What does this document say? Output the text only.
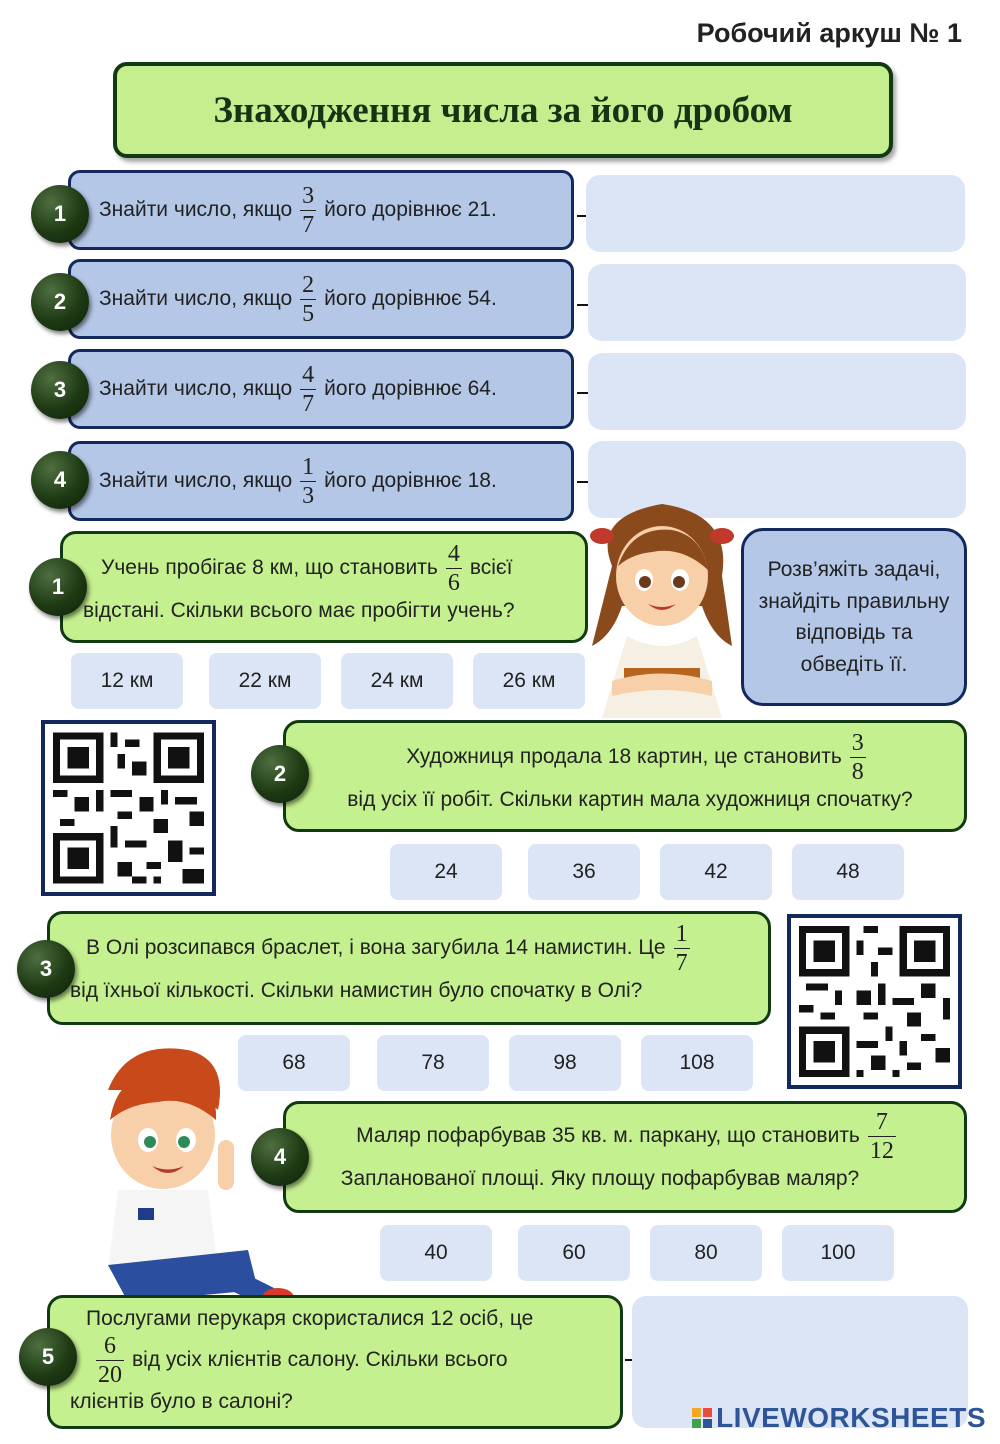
Робочий аркуш № 1
Знаходження числа за його дробом
1	Знайти число, якщо $\frac{3}{7}$ його дорівнює 21.
2	Знайти число, якщо $\frac{2}{5}$ його дорівнює 54.
3	Знайти число, якщо $\frac{4}{7}$ його дорівнює 64.
4	Знайти число, якщо $\frac{1}{3}$ його дорівнює 18.
1
Учень пробігає 8 км, що становить $\frac{4}{6}$ всієї
відстані. Скільки всього має пробігти учень?
12 км	22 км	24 км	26 км
Розв’яжіть задачі, знайдіть правильну відповідь та обведіть її.
2
Художниця продала 18 картин, це становить $\frac{3}{8}$
від усіх її робіт. Скільки картин мала художниця спочатку?
24	36	42	48
3
В Олі розсипався браслет, і вона загубила 14 намистин. Це $\frac{1}{7}$
від їхньої кількості. Скільки намистин було спочатку в Олі?
68	78	98	108
4
Маляр пофарбував 35 кв. м. паркану, що становить $\frac{7}{12}$
Запланованої площі. Яку площу пофарбував маляр?
40	60	80	100
5
Послугами перукаря скористалися 12 осіб, це
$\frac{6}{20}$ від усіх клієнтів салону. Скільки всього
клієнтів було в салоні?
LIVEWORKSHEETS
